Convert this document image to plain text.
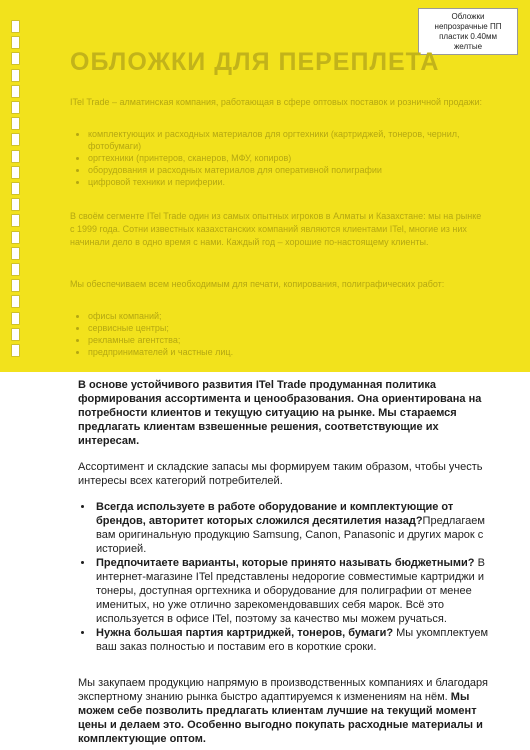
Обложки
непрозрачные ПП
пластик 0.40мм
желтые
ОБЛОЖКИ ДЛЯ ПЕРЕПЛЕТА
ITel Trade – алматинская компания, работающая в сфере оптовых поставок и розничной продажи:
• комплектующих и расходных материалов для оргтехники (картриджей, тонеров, чернил, фотобумаги)
• оргтехники (принтеров, сканеров, МФУ, копиров)
• оборудования и расходных материалов для оперативной полиграфии
• цифровой техники и периферии.
В своём сегменте ITel Trade один из самых опытных игроков в Алматы и Казахстане: мы на рынке с 1999 года. Сотни известных казахстанских компаний являются клиентами ITel, многие из них начинали дело в одно время с нами. Каждый год – хорошие по-настоящему клиенты.
Мы обеспечиваем всем необходимым для печати, копирования, полиграфических работ:
• офисы компаний;
• сервисные центры;
• рекламные агентства;
• предпринимателей и частные лиц.

В основе устойчивого развития ITel Trade продуманная политика формирования ассортимента и ценообразования. Она ориентирована на потребности клиентов и текущую ситуацию на рынке. Мы стараемся предлагать клиентам взвешенные решения, соответствующие их интересам.

Ассортимент и складские запасы мы формируем таким образом, чтобы учесть интересы всех категорий потребителей.

• Всегда используете в работе оборудование и комплектующие от брендов, авторитет которых сложился десятилетия назад?Предлагаем вам оригинальную продукцию Samsung, Canon, Panasonic и других марок с историей.
• Предпочитаете варианты, которые принято называть бюджетными? В интернет-магазине ITel представлены недорогие совместимые картриджи и тонеры, доступная оргтехника и оборудование для полиграфии от менее именитых, но уже отлично зарекомендовавших себя марок. Всё это используется в офисе ITel, поэтому за качество мы можем ручаться.
• Нужна большая партия картриджей, тонеров, бумаги? Мы укомплектуем ваш заказ полностью и поставим его в короткие сроки.

Мы закупаем продукцию напрямую в производственных компаниях и благодаря экспертному знанию рынка быстро адаптируемся к изменениям на нём. Мы можем себе позволить предлагать клиентам лучшие на текущий момент цены и делаем это. Особенно выгодно покупать расходные материалы и комплектующие оптом.
